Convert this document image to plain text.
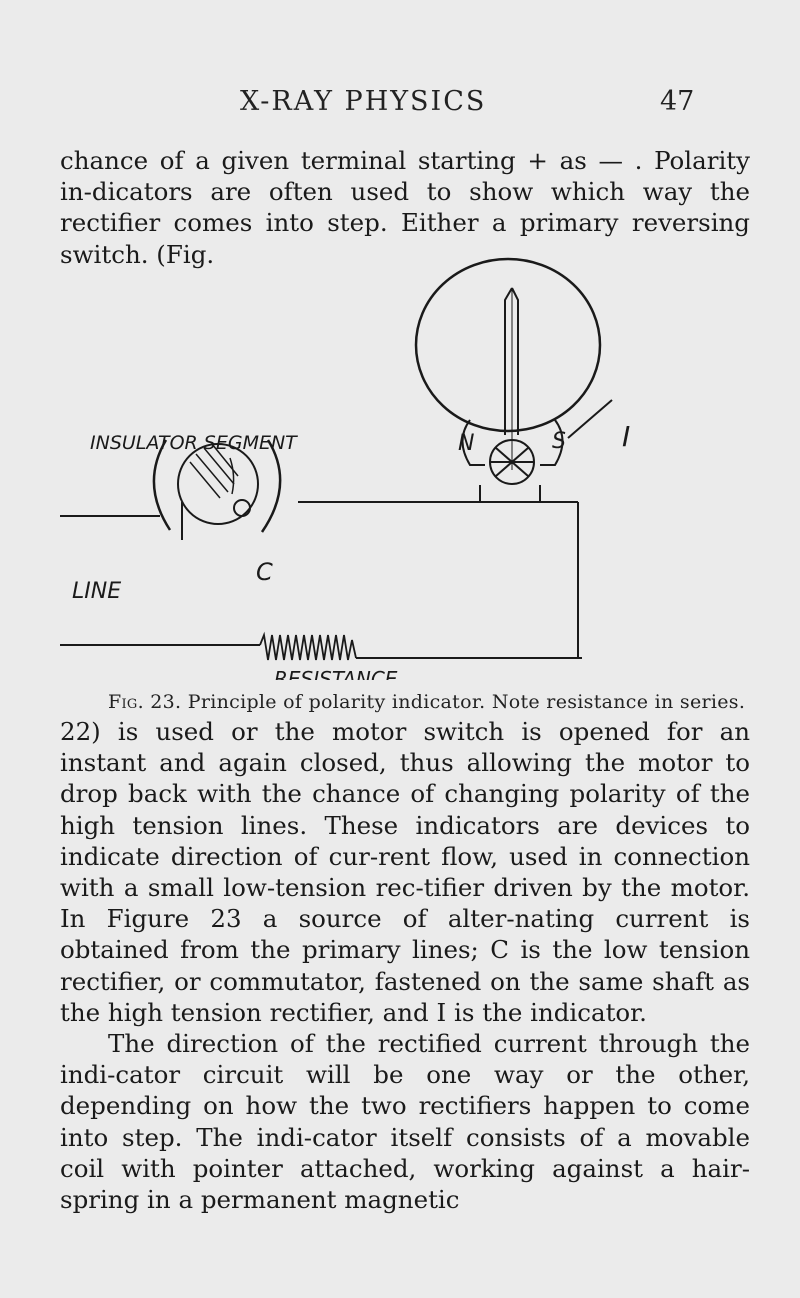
X-RAY PHYSICS	47
chance of a given terminal starting + as — . Polarity in-dicators are often used to show which way the rectifier comes into step. Either a primary reversing switch. (Fig.
INSULATOR SEGMENT
LINE
C
RESISTANCE
N	S I
Fig. 23. Principle of polarity indicator. Note resistance in series.
22) is used or the motor switch is opened for an instant and again closed, thus allowing the motor to drop back with the chance of changing polarity of the high tension lines. These indicators are devices to indicate direction of cur-rent flow, used in connection with a small low-tension rec-tifier driven by the motor. In Figure 23 a source of alter-nating current is obtained from the primary lines; C is the low tension rectifier, or commutator, fastened on the same shaft as the high tension rectifier, and I is the indicator.
The direction of the rectified current through the indi-cator circuit will be one way or the other, depending on how the two rectifiers happen to come into step. The indi-cator itself consists of a movable coil with pointer attached, working against a hair-spring in a permanent magnetic
